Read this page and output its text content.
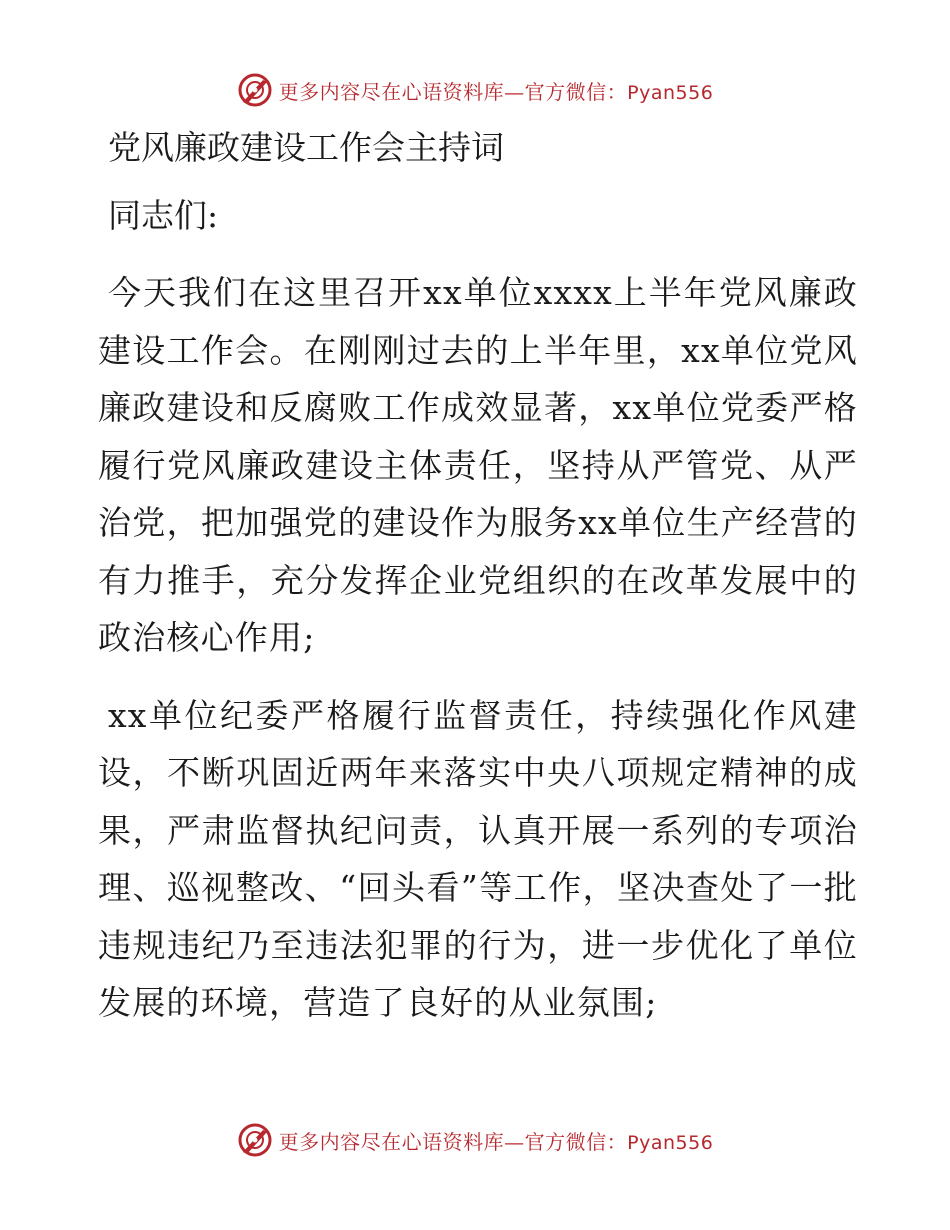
更多内容尽在心语资料库—官方微信：Pyan556

党风廉政建设工作会主持词

同志们:

今天我们在这里召开xx单位xxxx上半年党风廉政建设工作会。在刚刚过去的上半年里，xx单位党风廉政建设和反腐败工作成效显著，xx单位党委严格履行党风廉政建设主体责任，坚持从严管党、从严治党，把加强党的建设作为服务xx单位生产经营的有力推手，充分发挥企业党组织的在改革发展中的政治核心作用;

xx单位纪委严格履行监督责任，持续强化作风建设，不断巩固近两年来落实中央八项规定精神的成果，严肃监督执纪问责，认真开展一系列的专项治理、巡视整改、“回头看”等工作，坚决查处了一批违规违纪乃至违法犯罪的行为，进一步优化了单位发展的环境，营造了良好的从业氛围;

更多内容尽在心语资料库—官方微信：Pyan556
